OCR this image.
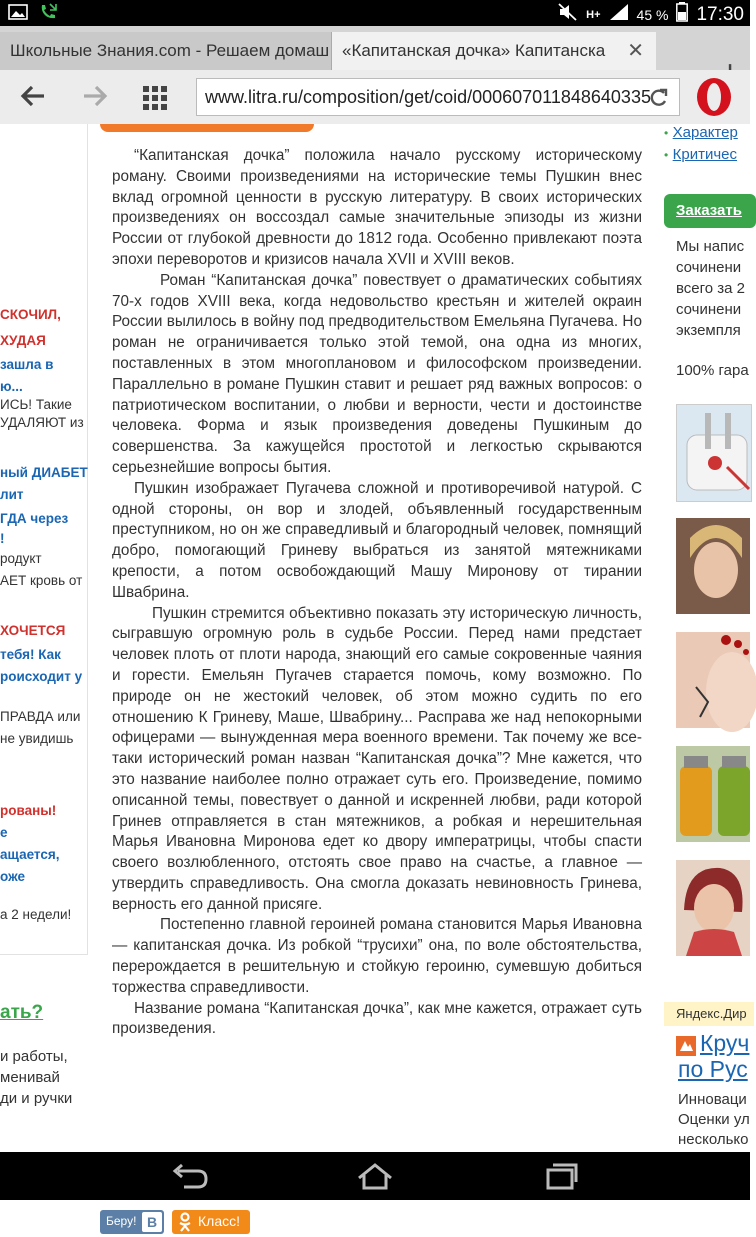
H+	45 % 17:30
Школьные Знания.com - Решаем домаш «Капитанская дочка» Капитанска ✕
www.litra.ru/composition/get/coid/000607011848640335
СКОЧИЛ,
ХУДАЯ
зашла в
ю...
ИСЬ! Такие
УДАЛЯЮТ из
ный ДИАБЕТ
лит
ГДА через
!
родукт
АЕТ кровь от
ХОЧЕТСЯ
тебя! Как
роисходит у
ПРАВДА или
не увидишь
рованы!
е
ащается,
оже
а 2 недели!
ать?
и работы,
менивай
ди и ручки

“Капитанская дочка” положила начало русскому историческому роману. Своими произведениями на исторические темы Пушкин внес вклад огромной ценности в русскую литературу. В своих исторических произведениях он воссоздал самые значительные эпизоды из жизни России от глубокой древности до 1812 года. Особенно привлекают поэта эпохи переворотов и кризисов начала XVII и XVIII веков.

Роман “Капитанская дочка” повествует о драматических событиях 70-х годов XVIII века, когда недовольство крестьян и жителей окраин России вылилось в войну под предводительством Емельяна Пугачева. Но роман не ограничивается только этой темой, она одна из многих, поставленных в этом многоплановом и философском произведении. Параллельно в романе Пушкин ставит и решает ряд важных вопросов: о патриотическом воспитании, о любви и верности, чести и достоинстве человека. Форма и язык произведения доведены Пушкиным до совершенства. За кажущейся простотой и легкостью скрываются серьезнейшие вопросы бытия.

Пушкин изображает Пугачева сложной и противоречивой натурой. С одной стороны, он вор и злодей, объявленный государственным преступником, но он же справедливый и благородный человек, помнящий добро, помогающий Гриневу выбраться из занятой мятежниками крепости, а потом освобождающий Машу Миронову от тирании Швабрина.

Пушкин стремится объективно показать эту историческую личность, сыгравшую огромную роль в судьбе России. Перед нами предстает человек плоть от плоти народа, знающий его самые сокровенные чаяния и горести. Емельян Пугачев старается помочь, кому возможно. По природе он не жестокий человек, об этом можно судить по его отношению К Гриневу, Маше, Швабрину... Расправа же над непокорными офицерами — вынужденная мера военного времени. Так почему же все-таки исторический роман назван “Капитанская дочка”? Мне кажется, что это название наиболее полно отражает суть его. Произведение, помимо описанной темы, повествует о данной и искренней любви, ради которой Гринев отправляется в стан мятежников, а робкая и нерешительная Марья Ивановна Миронова едет ко двору императрицы, чтобы спасти своего возлюбленного, отстоять свое право на счастье, а главное — утвердить справедливость. Она смогла доказать невиновность Гринева, верность его данной присяге.

Постепенно главной героиней романа становится Марья Ивановна — капитанская дочка. Из робкой “трусихи” она, по воле обстоятельства, перерождается в решительную и стойкую героиню, сумевшую добиться торжества справедливости.

Название романа “Капитанская дочка”, как мне кажется, отражает суть произведения.

Беру! B	Класс!
• Характер
• Критичес
Заказать
Мы напис
сочинени
всего за 2
сочинени
экземпля
100% гара
Яндекс.Дир
Круч
по Рус
Инноваци
Оценки ул
несколько
